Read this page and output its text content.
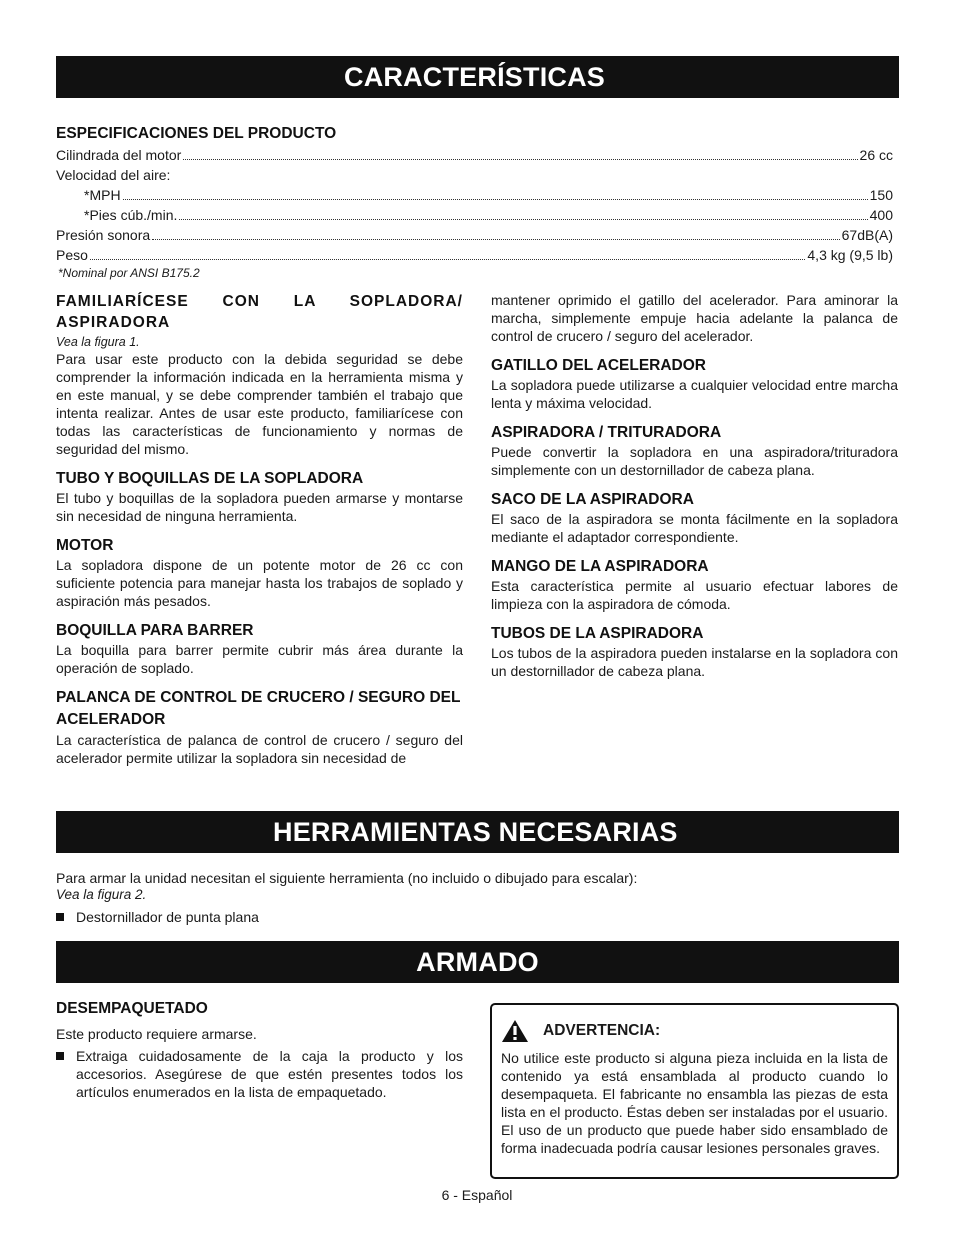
CARACTERÍSTICAS
ESPECIFICACIONES DEL PRODUCTO
Cilindrada del motor	26 cc
Velocidad del aire:
*MPH	150
*Pies cúb./min.	400
Presión sonora	67dB(A)
Peso	4,3 kg (9,5 lb)
*Nominal por ANSI B175.2
FAMILIARÍCESE CON LA SOPLADORA/ ASPIRADORA
Vea la figura 1.
Para usar este producto con la debida seguridad se debe comprender la información indicada en la herramienta misma y en este manual, y se debe comprender también el trabajo que intenta realizar. Antes de usar este producto, familiarícese con todas las características de funcionamiento y normas de seguridad del mismo.
TUBO Y BOQUILLAS DE LA SOPLADORA
El tubo y boquillas de la sopladora pueden armarse y montarse sin necesidad de ninguna herramienta.
MOTOR
La sopladora dispone de un potente motor de 26 cc con suficiente potencia para manejar hasta los trabajos de soplado y aspiración más pesados.
BOQUILLA PARA BARRER
La boquilla para barrer permite cubrir más área durante la operación de soplado.
PALANCA DE CONTROL DE CRUCERO / SEGURO DEL ACELERADOR
La característica de palanca de control de crucero / seguro del acelerador permite utilizar la sopladora sin necesidad de
mantener oprimido el gatillo del acelerador. Para aminorar la marcha, simplemente empuje hacia adelante la palanca de control de crucero / seguro del acelerador.
GATILLO DEL ACELERADOR
La sopladora puede utilizarse a cualquier velocidad entre marcha lenta y máxima velocidad.
ASPIRADORA / TRITURADORA
Puede convertir la sopladora en una aspiradora/trituradora simplemente con un destornillador de cabeza plana.
SACO DE LA ASPIRADORA
El saco de la aspiradora se monta fácilmente en la sopladora mediante el adaptador correspondiente.
MANGO DE LA ASPIRADORA
Esta característica permite al usuario efectuar labores de limpieza con la aspiradora de cómoda.
TUBOS DE LA ASPIRADORA
Los tubos de la aspiradora pueden instalarse en la sopladora con un destornillador de cabeza plana.
HERRAMIENTAS NECESARIAS
Para armar la unidad necesitan el siguiente herramienta (no incluido o dibujado para escalar):
Vea la figura 2.
Destornillador de punta plana
ARMADO
DESEMPAQUETADO
Este producto requiere armarse.
Extraiga cuidadosamente de la caja la producto y los accesorios. Asegúrese de que estén presentes todos los artículos enumerados en la lista de empaquetado.
ADVERTENCIA:
No utilice este producto si alguna pieza incluida en la lista de contenido ya está ensamblada al producto cuando lo desempaqueta. El fabricante no ensambla las piezas de esta lista en el producto. Éstas deben ser instaladas por el usuario. El uso de un producto que puede haber sido ensamblado de forma inadecuada podría causar lesiones personales graves.
6 - Español
